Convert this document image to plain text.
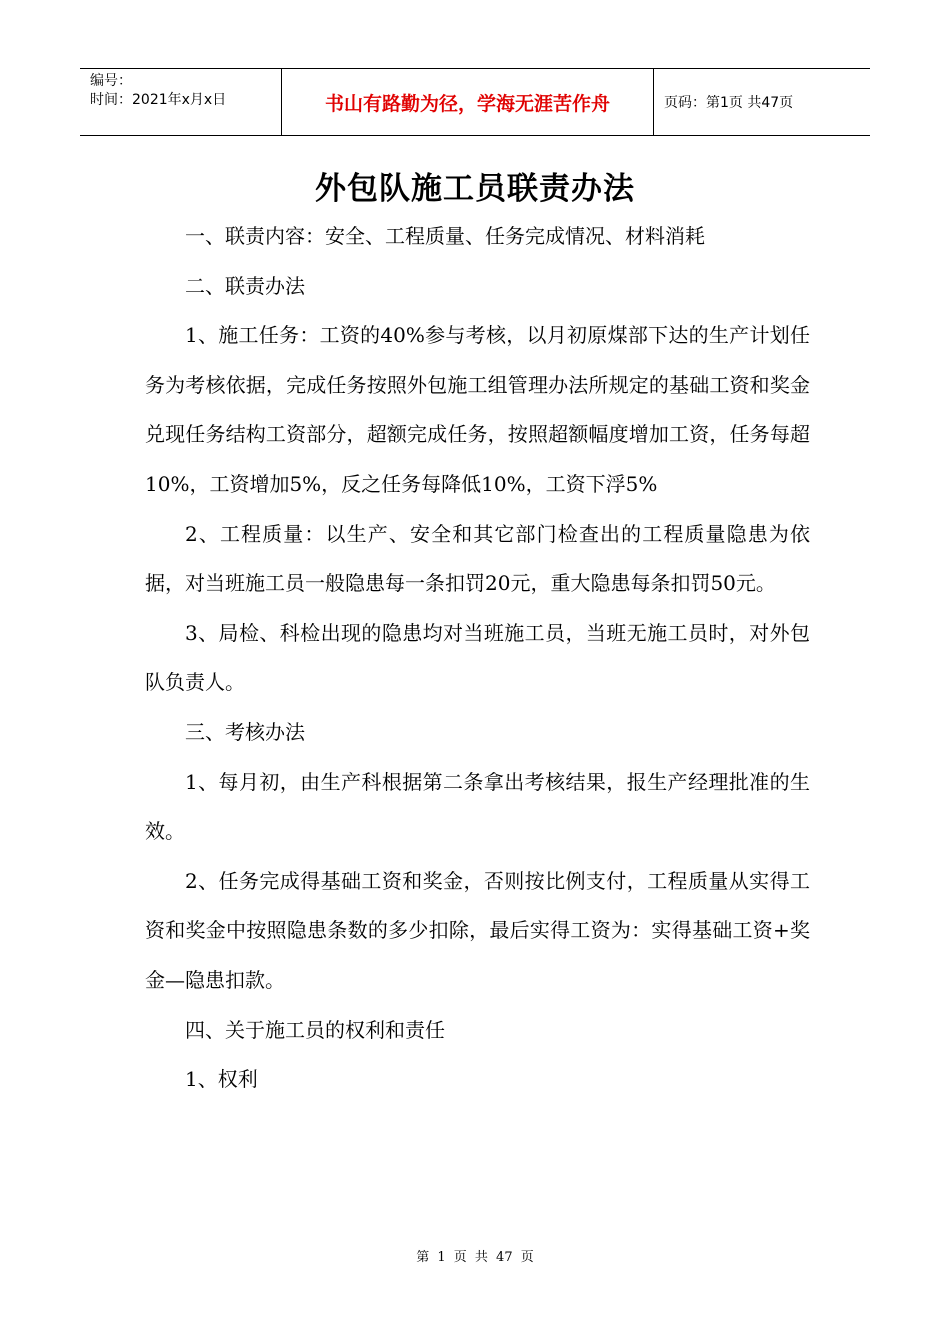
编号：
时间：2021年x月x日	书山有路勤为径，学海无涯苦作舟	页码：第1页 共47页
外包队施工员联责办法

一、联责内容：安全、工程质量、任务完成情况、材料消耗

二、联责办法

1、施工任务：工资的40%参与考核，以月初原煤部下达的生产计划任务为考核依据，完成任务按照外包施工组管理办法所规定的基础工资和奖金兑现任务结构工资部分，超额完成任务，按照超额幅度增加工资，任务每超10%，工资增加5%，反之任务每降低10%，工资下浮5%

2、工程质量：以生产、安全和其它部门检查出的工程质量隐患为依据，对当班施工员一般隐患每一条扣罚20元，重大隐患每条扣罚50元。

3、局检、科检出现的隐患均对当班施工员，当班无施工员时，对外包队负责人。

三、考核办法

1、每月初，由生产科根据第二条拿出考核结果，报生产经理批准的生效。

2、任务完成得基础工资和奖金，否则按比例支付，工程质量从实得工资和奖金中按照隐患条数的多少扣除，最后实得工资为：实得基础工资+奖金—隐患扣款。

四、关于施工员的权利和责任

1、权利

第 1 页 共 47 页
